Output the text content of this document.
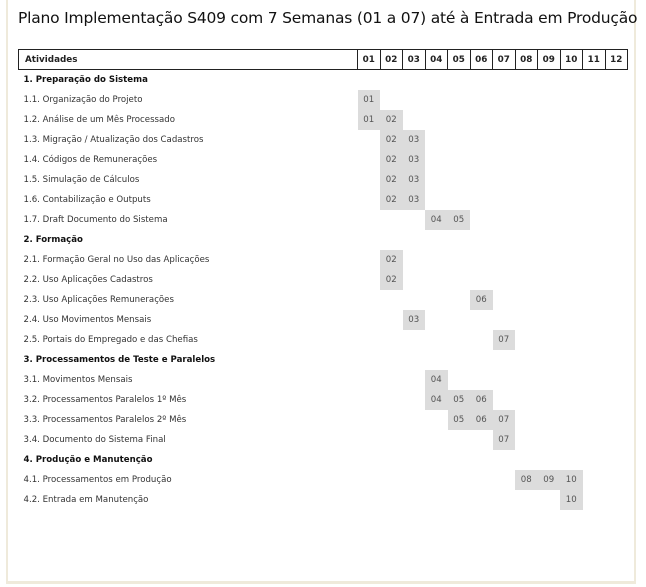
Plano Implementação S409 com 7 Semanas (01 a 07) até à Entrada em Produção
Atividades	01	02	03	04	05	06	07	08	09	10	11	12
1. Preparação do Sistema												
1.1. Organização do Projeto	01											
1.2. Análise de um Mês Processado	01	02										
1.3. Migração / Atualização dos Cadastros		02	03									
1.4. Códigos de Remunerações		02	03									
1.5. Simulação de Cálculos		02	03									
1.6. Contabilização e Outputs		02	03									
1.7. Draft Documento do Sistema				04	05							
2. Formação												
2.1. Formação Geral no Uso das Aplicações		02										
2.2. Uso Aplicações Cadastros		02										
2.3. Uso Aplicações Remunerações						06						
2.4. Uso Movimentos Mensais			03									
2.5. Portais do Empregado e das Chefias							07					
3. Processamentos de Teste e Paralelos												
3.1. Movimentos Mensais				04								
3.2. Processamentos Paralelos 1º Mês				04	05	06						
3.3. Processamentos Paralelos 2º Mês					05	06	07					
3.4. Documento do Sistema Final							07					
4. Produção e Manutenção												
4.1. Processamentos em Produção								08	09	10		
4.2. Entrada em Manutenção										10		
